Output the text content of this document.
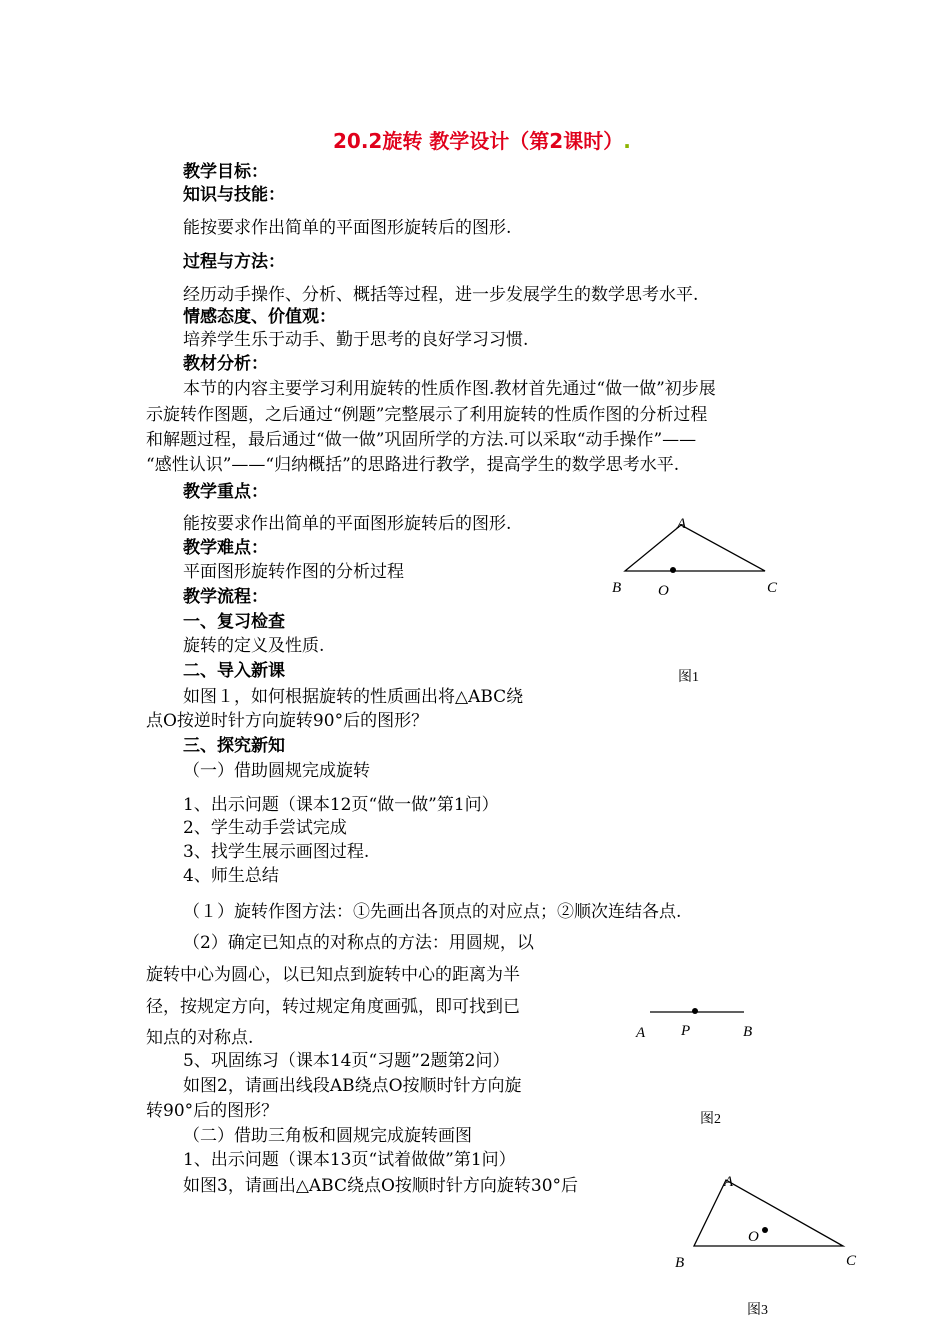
20.2旋转 教学设计（第2课时）.
教学目标：
知识与技能：
能按要求作出简单的平面图形旋转后的图形.
过程与方法：
经历动手操作、分析、概括等过程，进一步发展学生的数学思考水平.
情感态度、价值观：
培养学生乐于动手、勤于思考的良好学习习惯.
教材分析：
本节的内容主要学习利用旋转的性质作图.教材首先通过“做一做”初步展
示旋转作图题，之后通过“例题”完整展示了利用旋转的性质作图的分析过程
和解题过程，最后通过“做一做”巩固所学的方法.可以采取“动手操作”——
“感性认识”——“归纳概括”的思路进行教学，提高学生的数学思考水平.
教学重点：
能按要求作出简单的平面图形旋转后的图形.
教学难点：
平面图形旋转作图的分析过程
教学流程：
一、复习检查
旋转的定义及性质.
二、导入新课
如图１，如何根据旋转的性质画出将△ABC绕
点O按逆时针方向旋转90°后的图形？
三、探究新知
（一）借助圆规完成旋转
1、出示问题（课本12页“做一做”第1问）
2、学生动手尝试完成
3、找学生展示画图过程.
4、师生总结
（１）旋转作图方法：①先画出各顶点的对应点；②顺次连结各点.
（2）确定已知点的对称点的方法：用圆规，以
旋转中心为圆心，以已知点到旋转中心的距离为半
径，按规定方向，转过规定角度画弧，即可找到已
知点的对称点.
5、巩固练习（课本14页“习题”2题第2问）
如图2，请画出线段AB绕点O按顺时针方向旋
转90°后的图形？
（二）借助三角板和圆规完成旋转画图
1、出示问题（课本13页“试着做做”第1问）
如图3，请画出△ABC绕点O按顺时针方向旋转30°后
A
B O	C
图1
A P	B
图2
A
O
B	C
图3
